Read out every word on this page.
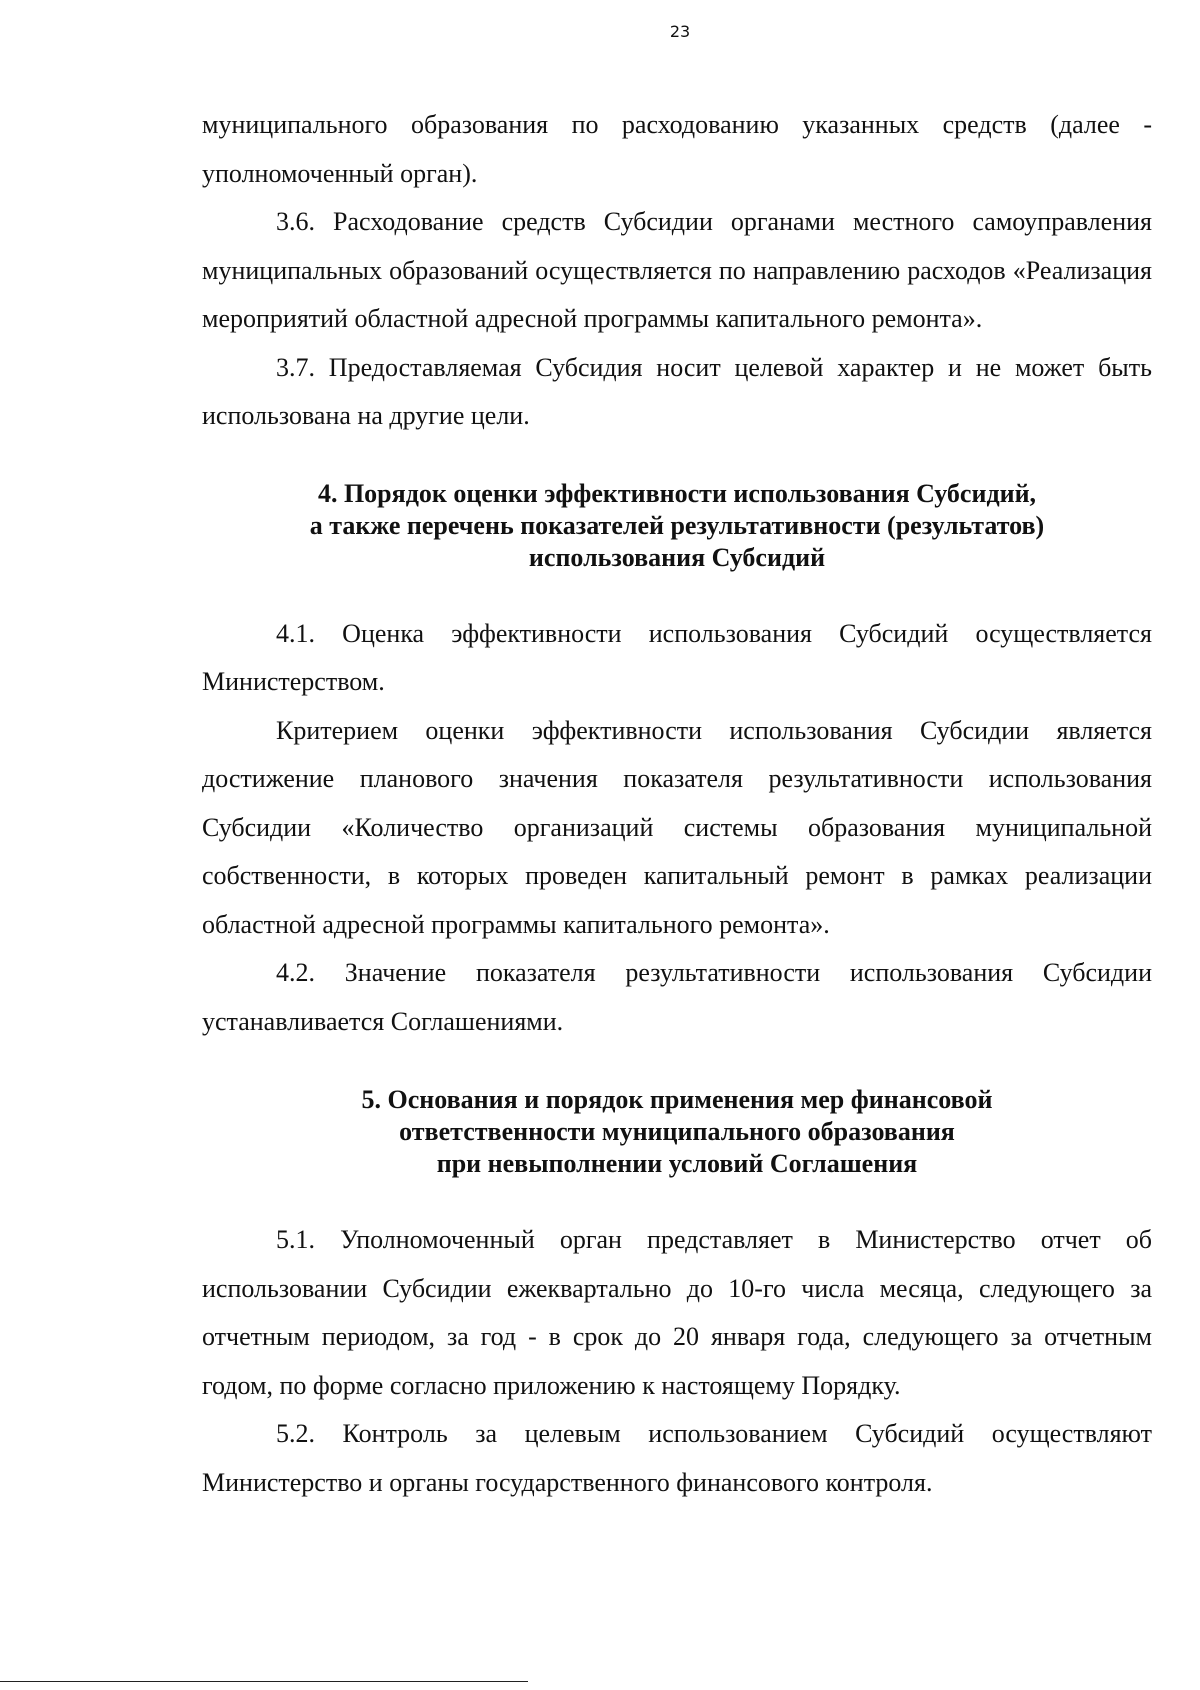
23

муниципального образования по расходованию указанных средств (далее - уполномоченный орган).

3.6. Расходование средств Субсидии органами местного самоуправления муниципальных образований осуществляется по направлению расходов «Реализация мероприятий областной адресной программы капитального ремонта».

3.7. Предоставляемая Субсидия носит целевой характер и не может быть использована на другие цели.

4. Порядок оценки эффективности использования Субсидий,
а также перечень показателей результативности (результатов)
использования Субсидий

4.1. Оценка эффективности использования Субсидий осуществляется Министерством.

Критерием оценки эффективности использования Субсидии является достижение планового значения показателя результативности использования Субсидии «Количество организаций системы образования муниципальной собственности, в которых проведен капитальный ремонт в рамках реализации областной адресной программы капитального ремонта».

4.2. Значение показателя результативности использования Субсидии устанавливается Соглашениями.

5. Основания и порядок применения мер финансовой
ответственности муниципального образования
при невыполнении условий Соглашения

5.1. Уполномоченный орган представляет в Министерство отчет об использовании Субсидии ежеквартально до 10-го числа месяца, следующего за отчетным периодом, за год - в срок до 20 января года, следующего за отчетным годом, по форме согласно приложению к настоящему Порядку.

5.2. Контроль за целевым использованием Субсидий осуществляют Министерство и органы государственного финансового контроля.
